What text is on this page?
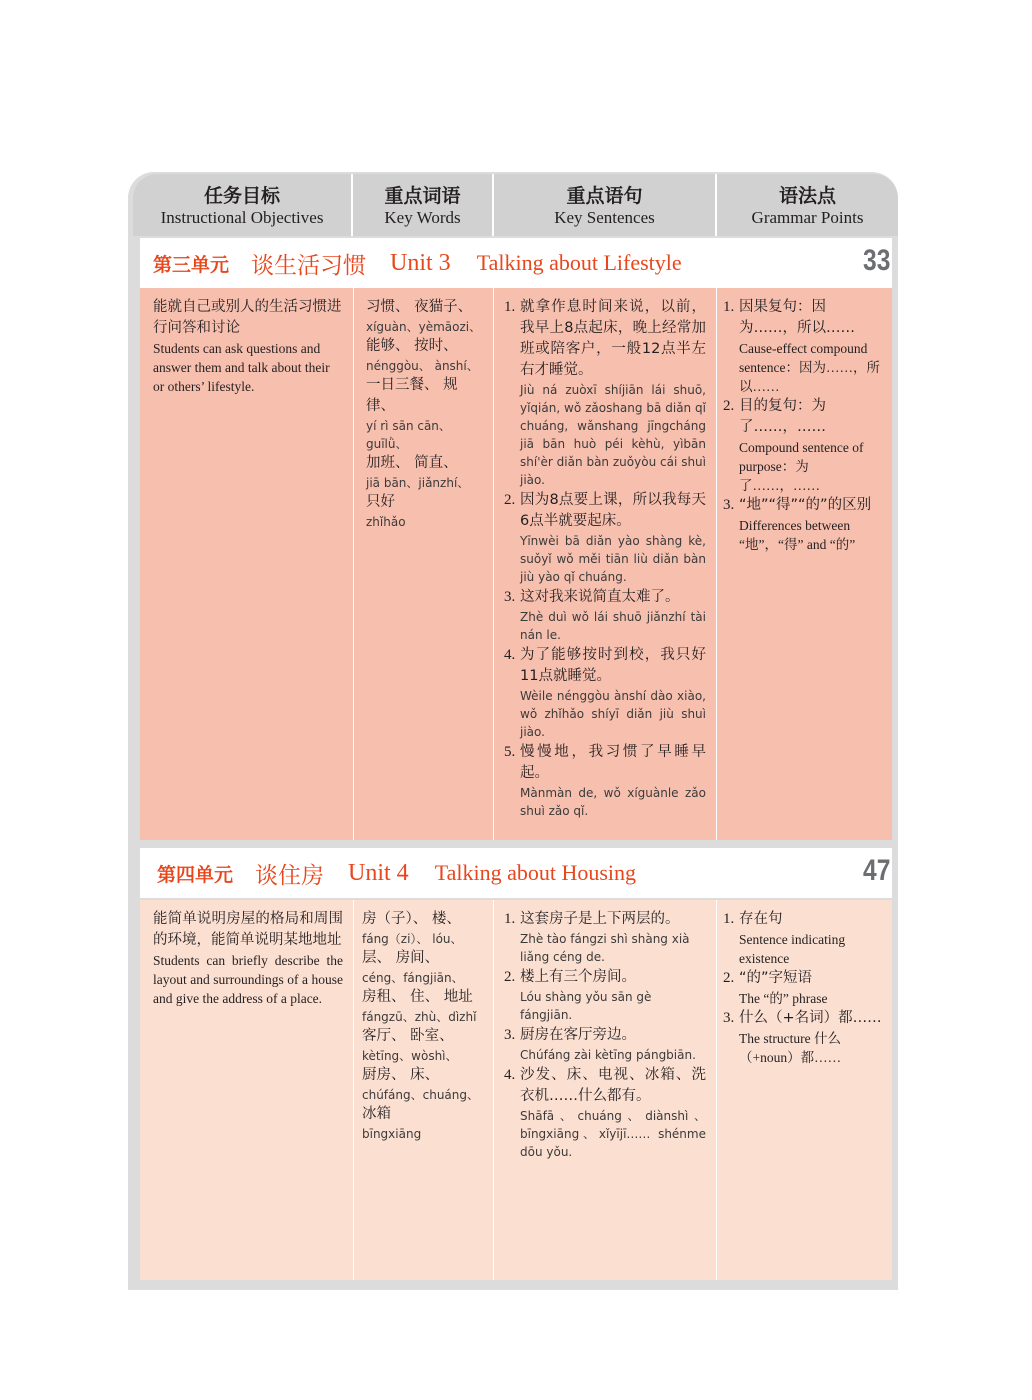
任务目标
Instructional Objectives
重点词语
Key Words
重点语句
Key Sentences
语法点
Grammar Points
第三单元 谈生活习惯 Unit 3 Talking about Lifestyle	33
能就自己或别人的生活习惯进行问答和讨论
Students can ask questions and answer them and talk about their or others’ lifestyle.
习惯、 夜猫子、
xíguàn、yèmāozi、
能够、 按时、
nénggòu、 ànshí、
一日三餐、 规律、
yí rì sān cān、guīlǜ、
加班、 简直、
jiā bān、jiǎnzhí、
只好
zhǐhǎo
1. 就拿作息时间来说，以前，我早上8点起床，晚上经常加班或陪客户，一般12点半左右才睡觉。
Jiù ná zuòxī shíjiān lái shuō, yǐqián, wǒ zǎoshang bā diǎn qǐ chuáng, wǎnshang jīngcháng jiā bān huò péi kèhù, yìbān shí'èr diǎn bàn zuǒyòu cái shuì jiào.
2. 因为8点要上课，所以我每天6点半就要起床。
Yīnwèi bā diǎn yào shàng kè, suǒyǐ wǒ měi tiān liù diǎn bàn jiù yào qǐ chuáng.
3. 这对我来说简直太难了。
Zhè duì wǒ lái shuō jiǎnzhí tài nán le.
4. 为了能够按时到校，我只好11点就睡觉。
Wèile nénggòu ànshí dào xiào, wǒ zhǐhǎo shíyī diǎn jiù shuì jiào.
5. 慢慢地，我习惯了早睡早起。
Mànmàn de, wǒ xíguànle zǎo shuì zǎo qǐ.
1. 因果复句：因为……，所以……
Cause-effect compound sentence：因为……，所以……
2. 目的复句：为了……，……
Compound sentence of purpose：为了……，……
3. “地”“得”“的”的区别
Differences between “地”，“得” and “的”
第四单元 谈住房 Unit 4 Talking about Housing	47
能简单说明房屋的格局和周围的环境，能简单说明某地地址
Students can briefly describe the layout and surroundings of a house and give the address of a place.
房（子）、 楼、
fáng（zi）、 lóu、
层、 房间、
céng、fángjiān、
房租、 住、 地址
fángzū、zhù、dìzhǐ
客厅、 卧室、
kètīng、wòshì、
厨房、 床、
chúfáng、chuáng、
冰箱
bīngxiāng
1. 这套房子是上下两层的。
Zhè tào fángzi shì shàng xià liǎng céng de.
2. 楼上有三个房间。
Lóu shàng yǒu sān gè fángjiān.
3. 厨房在客厅旁边。
Chúfáng zài kètīng pángbiān.
4. 沙发、床、电视、冰箱、洗衣机……什么都有。
Shāfā、chuáng、diànshì、bīngxiāng、xǐyījī…… shénme dōu yǒu.
1. 存在句
Sentence indicating existence
2. “的”字短语
The “的” phrase
3. 什么（+名词）都……
The structure 什么（+noun）都……
